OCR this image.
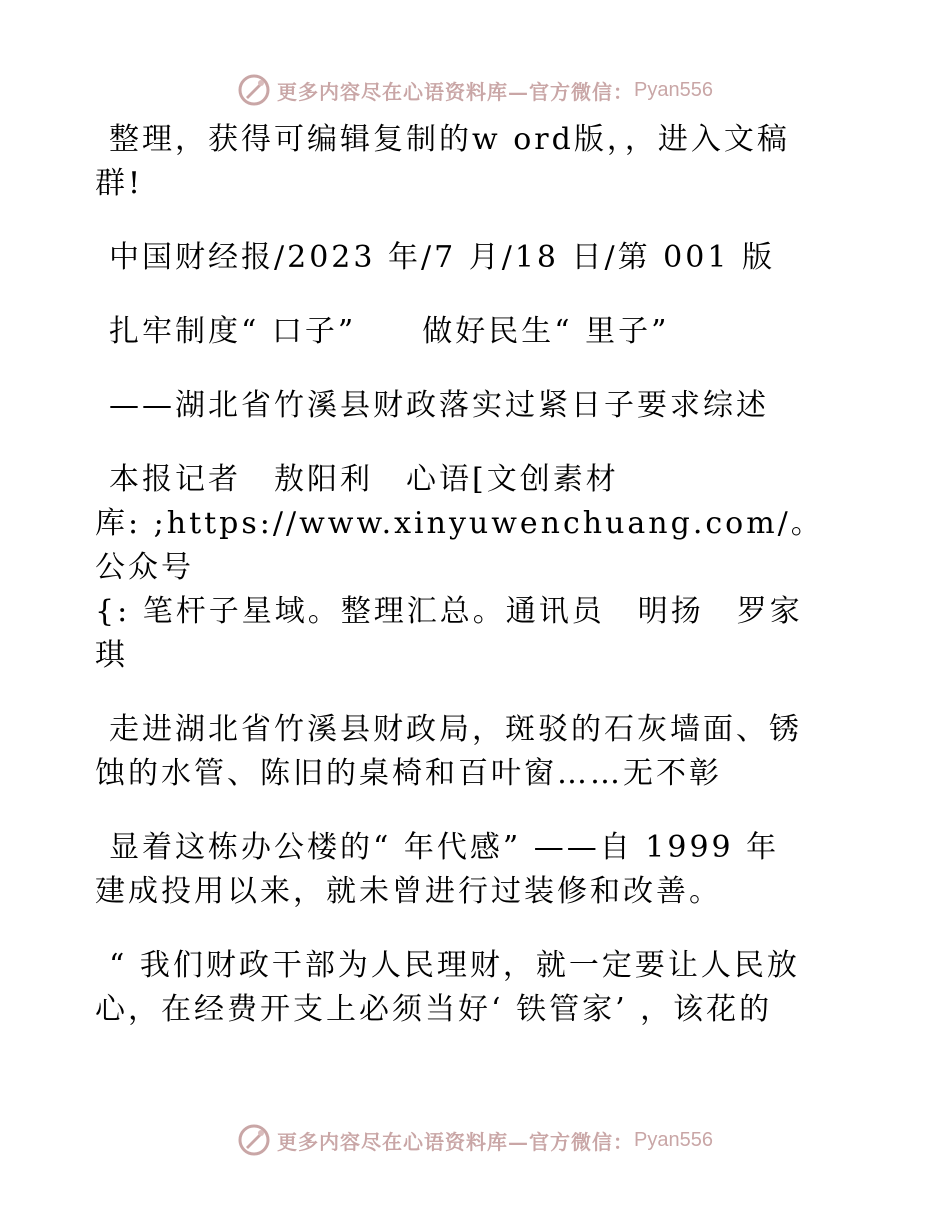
更多内容尽在心语资料库—官方微信： Pyan556

整理，获得可编辑复制的w ord版，，进入文稿

群!

中国财经报/2023 年/7 月/18 日/第 001 版

扎牢制度“ 口子”　　做好民生“ 里子”

——湖北省竹溪县财政落实过紧日子要求综述

本报记者　敖阳利　心语[文创素材

库: ;https://www.xinyuwenchuang.com/。公众号

{: 笔杆子星域。整理汇总。通讯员　明扬　罗家

琪

走进湖北省竹溪县财政局，斑驳的石灰墙面、锈

蚀的水管、陈旧的桌椅和百叶窗……无不彰

显着这栋办公楼的“ 年代感” ——自 1999 年

建成投用以来，就未曾进行过装修和改善。

“ 我们财政干部为人民理财，就一定要让人民放

心，在经费开支上必须当好‘ 铁管家’ ，该花的

更多内容尽在心语资料库—官方微信： Pyan556
